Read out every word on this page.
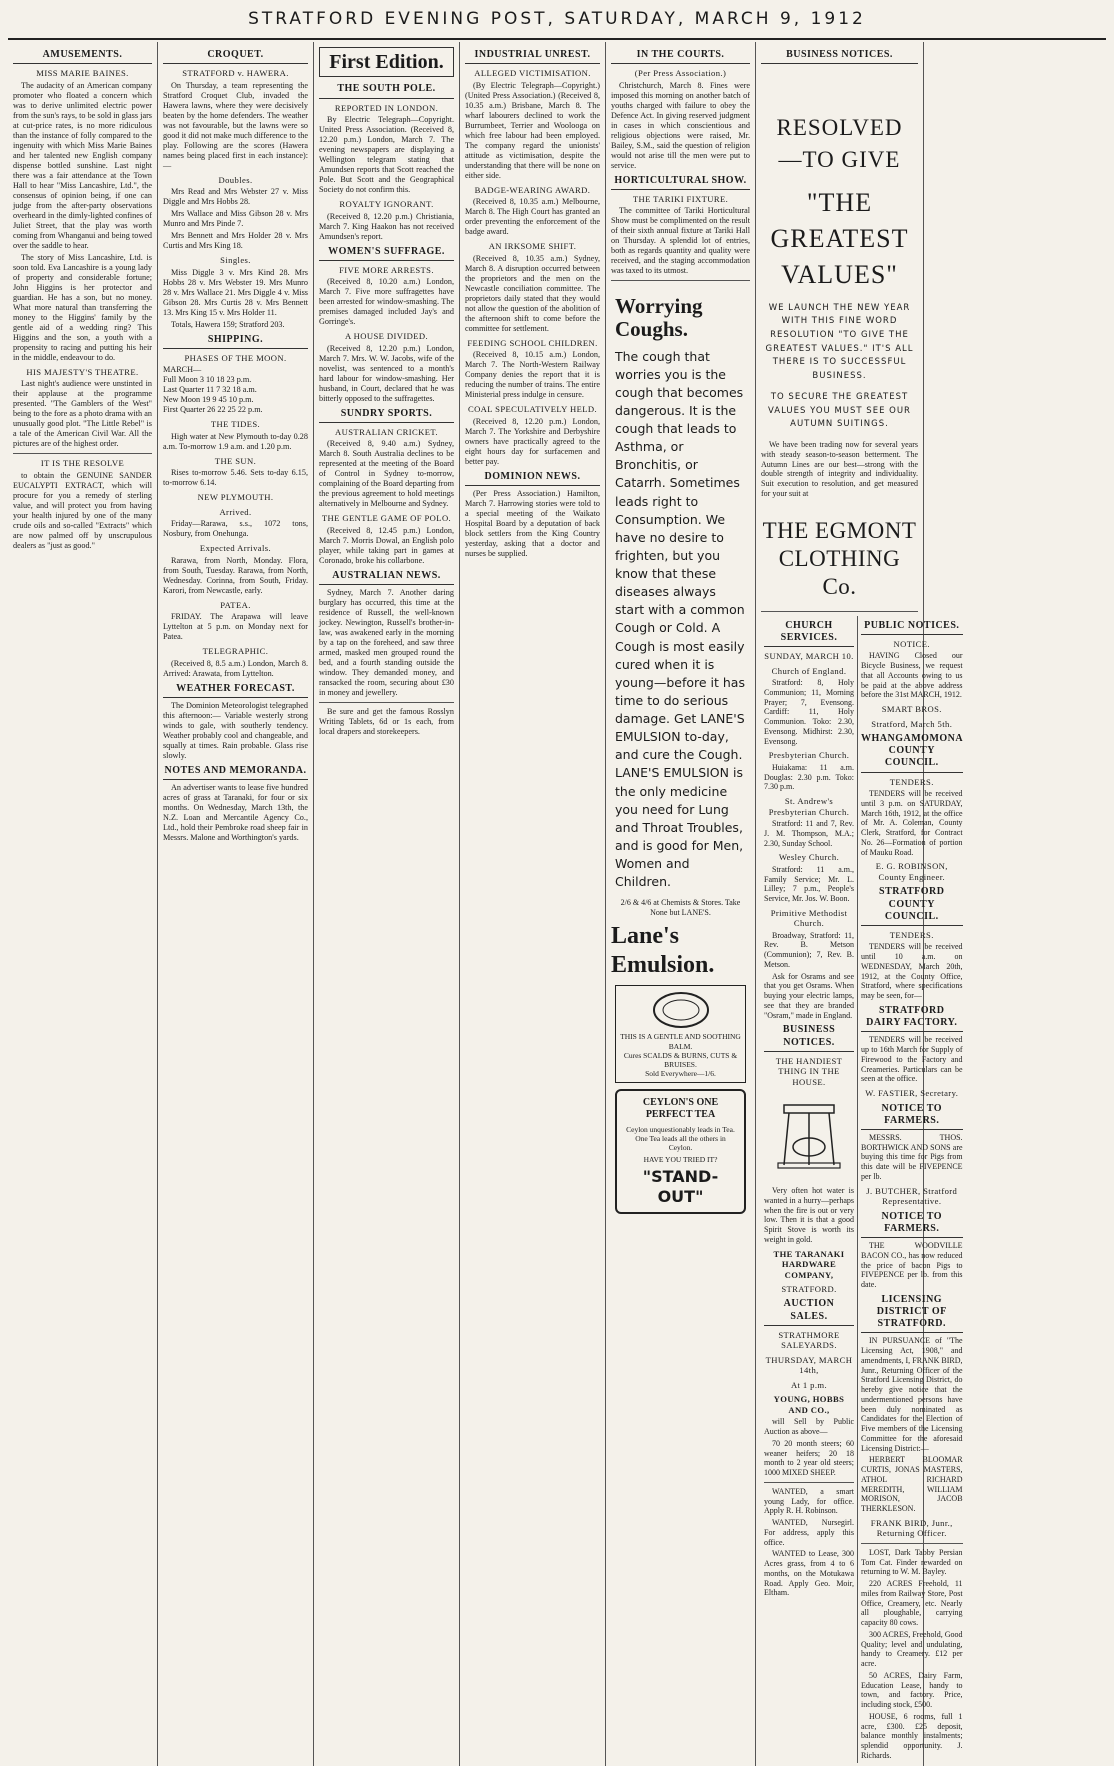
STRATFORD EVENING POST, SATURDAY, MARCH 9, 1912
AMUSEMENTS.
MISS MARIE BAINES.

The audacity of an American company promoter who floated a concern which was to derive unlimited electric power from the sun's rays, to be sold in glass jars at cut-price rates, is no more ridiculous than the instance of folly compared to the ingenuity with which Miss Marie Baines and her talented new English company dispense bottled sunshine. Last night there was a fair attendance at the Town Hall to hear "Miss Lancashire, Ltd.", the consensus of opinion being, if one can judge from the after-party observations overheard in the dimly-lighted confines of Juliet Street, that the play was worth coming from Whanganui and being towed over the saddle to hear.

The story of Miss Lancashire, Ltd. is soon told. Eva Lancashire is a young lady of property and considerable fortune; John Higgins is her protector and guardian. He has a son, but no money. What more natural than transferring the money to the Higgins' family by the gentle aid of a wedding ring? This Higgins and the son, a youth with a propensity to racing and putting his heir in the middle, endeavour to do.

HIS MAJESTY'S THEATRE.

Last night's audience were unstinted in their applause at the programme presented. "The Gamblers of the West" being to the fore as a photo drama with an unusually good plot. "The Little Rebel" is a tale of the American Civil War. All the pictures are of the highest order.

IT IS THE RESOLVE

to obtain the GENUINE SANDER EUCALYPTI EXTRACT, which will procure for you a remedy of sterling value, and will protect you from having your health injured by one of the many crude oils and so-called "Extracts" which are now palmed off by unscrupulous dealers as "just as good."

CROQUET.
STRATFORD v. HAWERA.

On Thursday, a team representing the Stratford Croquet Club, invaded the Hawera lawns, where they were decisively beaten by the home defenders. The weather was not favourable, but the lawns were so good it did not make much difference to the play. Following are the scores (Hawera names being placed first in each instance):—

Doubles.

Mrs Read and Mrs Webster 27 v. Miss Diggle and Mrs Hobbs 28.

Mrs Wallace and Miss Gibson 28 v. Mrs Munro and Mrs Pinde 7.

Mrs Bennett and Mrs Holder 28 v. Mrs Curtis and Mrs King 18.

Singles.

Miss Diggle 3 v. Mrs Kind 28. Mrs Hobbs 28 v. Mrs Webster 19. Mrs Munro 28 v. Mrs Wallace 21. Mrs Diggle 4 v. Miss Gibson 28. Mrs Curtis 28 v. Mrs Bennett 13. Mrs King 15 v. Mrs Holder 11.

Totals, Hawera 159; Stratford 203.

SHIPPING.
PHASES OF THE MOON.
MARCH—
Full Moon 3 10 18 23 p.m.
Last Quarter 11 7 32 18 a.m.
New Moon 19 9 45 10 p.m.
First Quarter 26 22 25 22 p.m.
THE TIDES.

High water at New Plymouth to-day 0.28 a.m. To-morrow 1.9 a.m. and 1.20 p.m.

THE SUN.

Rises to-morrow 5.46. Sets to-day 6.15, to-morrow 6.14.

NEW PLYMOUTH.
Arrived.

Friday—Rarawa, s.s., 1072 tons, Nosbury, from Onehunga.

Expected Arrivals.

Rarawa, from North, Monday. Flora, from South, Tuesday. Rarawa, from North, Wednesday. Corinna, from South, Friday. Karori, from Newcastle, early.

PATEA.

FRIDAY. The Arapawa will leave Lyttelton at 5 p.m. on Monday next for Patea.

TELEGRAPHIC.

(Received 8, 8.5 a.m.) London, March 8. Arrived: Arawata, from Lyttelton.

WEATHER FORECAST.

The Dominion Meteorologist telegraphed this afternoon:— Variable westerly strong winds to gale, with southerly tendency. Weather probably cool and changeable, and squally at times. Rain probable. Glass rise slowly.

NOTES AND MEMORANDA.

An advertiser wants to lease five hundred acres of grass at Taranaki, for four or six months. On Wednesday, March 13th, the N.Z. Loan and Mercantile Agency Co., Ltd., hold their Pembroke road sheep fair in Messrs. Malone and Worthington's yards.

First Edition.
THE SOUTH POLE.
REPORTED IN LONDON.

By Electric Telegraph—Copyright. United Press Association. (Received 8, 12.20 p.m.) London, March 7. The evening newspapers are displaying a Wellington telegram stating that Amundsen reports that Scott reached the Pole. But Scott and the Geographical Society do not confirm this.

ROYALTY IGNORANT.

(Received 8, 12.20 p.m.) Christiania, March 7. King Haakon has not received Amundsen's report.

WOMEN'S SUFFRAGE.
FIVE MORE ARRESTS.

(Received 8, 10.20 a.m.) London, March 7. Five more suffragettes have been arrested for window-smashing. The premises damaged included Jay's and Gorringe's.

A HOUSE DIVIDED.

(Received 8, 12.20 p.m.) London, March 7. Mrs. W. W. Jacobs, wife of the novelist, was sentenced to a month's hard labour for window-smashing. Her husband, in Court, declared that he was bitterly opposed to the suffragettes.

SUNDRY SPORTS.
AUSTRALIAN CRICKET.

(Received 8, 9.40 a.m.) Sydney, March 8. South Australia declines to be represented at the meeting of the Board of Control in Sydney to-morrow, complaining of the Board departing from the previous agreement to hold meetings alternatively in Melbourne and Sydney.

THE GENTLE GAME OF POLO.

(Received 8, 12.45 p.m.) London, March 7. Morris Dowal, an English polo player, while taking part in games at Coronado, broke his collarbone.

AUSTRALIAN NEWS.

Sydney, March 7. Another daring burglary has occurred, this time at the residence of Russell, the well-known jockey. Newington, Russell's brother-in-law, was awakened early in the morning by a tap on the foreheed, and saw three armed, masked men grouped round the bed, and a fourth standing outside the window. They demanded money, and ransacked the room, securing about £30 in money and jewellery.

Be sure and get the famous Rosslyn Writing Tablets, 6d or 1s each, from local drapers and storekeepers.

INDUSTRIAL UNREST.
ALLEGED VICTIMISATION.

(By Electric Telegraph—Copyright.) (United Press Association.) (Received 8, 10.35 a.m.) Brisbane, March 8. The wharf labourers declined to work the Burrumbeet, Terrier and Woolooga on which free labour had been employed. The company regard the unionists' attitude as victimisation, despite the understanding that there will be none on either side.

BADGE-WEARING AWARD.

(Received 8, 10.35 a.m.) Melbourne, March 8. The High Court has granted an order preventing the enforcement of the badge award.

AN IRKSOME SHIFT.

(Received 8, 10.35 a.m.) Sydney, March 8. A disruption occurred between the proprietors and the men on the Newcastle conciliation committee. The proprietors daily stated that they would not allow the question of the abolition of the afternoon shift to come before the committee for settlement.

FEEDING SCHOOL CHILDREN.

(Received 8, 10.15 a.m.) London, March 7. The North-Western Railway Company denies the report that it is reducing the number of trains. The entire Ministerial press indulge in censure.

COAL SPECULATIVELY HELD.

(Received 8, 12.20 p.m.) London, March 7. The Yorkshire and Derbyshire owners have practically agreed to the eight hours day for surfacemen and better pay.

DOMINION NEWS.

(Per Press Association.) Hamilton, March 7. Harrowing stories were told to a special meeting of the Waikato Hospital Board by a deputation of back block settlers from the King Country yesterday, asking that a doctor and nurses be supplied.

IN THE COURTS.
(Per Press Association.)

Christchurch, March 8. Fines were imposed this morning on another batch of youths charged with failure to obey the Defence Act. In giving reserved judgment in cases in which conscientious and religious objections were raised, Mr. Bailey, S.M., said the question of religion would not arise till the men were put to service.

HORTICULTURAL SHOW.
THE TARIKI FIXTURE.

The committee of Tariki Horticultural Show must be complimented on the result of their sixth annual fixture at Tariki Hall on Thursday. A splendid lot of entries, both as regards quantity and quality were received, and the staging accommodation was taxed to its utmost.

Worrying Coughs.
The cough that worries you is the cough that becomes dangerous. It is the cough that leads to Asthma, or Bronchitis, or Catarrh. Sometimes leads right to Consumption. We have no desire to frighten, but you know that these diseases always start with a common Cough or Cold. A Cough is most easily cured when it is young—before it has time to do serious damage. Get LANE'S EMULSION to-day, and cure the Cough. LANE'S EMULSION is the only medicine you need for Lung and Throat Troubles, and is good for Men, Women and Children.
2/6 & 4/6 at Chemists & Stores. Take None but LANE'S.
Lane's Emulsion.
THIS IS A GENTLE AND SOOTHING BALM.
Cures SCALDS & BURNS, CUTS & BRUISES.
Sold Everywhere—1/6.
CEYLON'S ONE PERFECT TEA
Ceylon unquestionably leads in Tea. One Tea leads all the others in Ceylon.
HAVE YOU TRIED IT?
"STAND-OUT"
BUSINESS NOTICES.
RESOLVED—TO GIVE
"THE GREATEST VALUES"
WE LAUNCH THE NEW YEAR WITH THIS FINE WORD RESOLUTION "TO GIVE THE GREATEST VALUES." IT'S ALL THERE IS TO SUCCESSFUL BUSINESS.
TO SECURE THE GREATEST VALUES YOU MUST SEE OUR AUTUMN SUITINGS.

We have been trading now for several years with steady season-to-season betterment. The Autumn Lines are our best—strong with the double strength of integrity and individuality. Suit execution to resolution, and get measured for your suit at

THE EGMONT CLOTHING Co.
CHURCH SERVICES.
SUNDAY, MARCH 10.
Church of England.

Stratford: 8, Holy Communion; 11, Morning Prayer; 7, Evensong. Cardiff: 11, Holy Communion. Toko: 2.30, Evensong. Midhirst: 2.30, Evensong.

Presbyterian Church.

Huiakama: 11 a.m. Douglas: 2.30 p.m. Toko: 7.30 p.m.

St. Andrew's Presbyterian Church.

Stratford: 11 and 7, Rev. J. M. Thompson, M.A.; 2.30, Sunday School.

Wesley Church.

Stratford: 11 a.m., Family Service; Mr. L. Lilley; 7 p.m., People's Service, Mr. Jos. W. Boon.

Primitive Methodist Church.

Broadway, Stratford: 11, Rev. B. Metson (Communion); 7, Rev. B. Metson.

Ask for Osrams and see that you get Osrams. When buying your electric lamps, see that they are branded "Osram," made in England.

BUSINESS NOTICES.
THE HANDIEST THING IN THE HOUSE.

Very often hot water is wanted in a hurry—perhaps when the fire is out or very low. Then it is that a good Spirit Stove is worth its weight in gold.

THE TARANAKI HARDWARE COMPANY,
STRATFORD.
AUCTION SALES.
STRATHMORE SALEYARDS.
THURSDAY, MARCH 14th,
At 1 p.m.
YOUNG, HOBBS AND CO.,

will Sell by Public Auction as above—

70 20 month steers; 60 weaner heifers; 20 18 month to 2 year old steers; 1000 MIXED SHEEP.

WANTED, a smart young Lady, for office. Apply R. H. Robinson.

WANTED, Nursegirl. For address, apply this office.

WANTED to Lease, 300 Acres grass, from 4 to 6 months, on the Motukawa Road. Apply Geo. Moir, Eltham.

PUBLIC NOTICES.
NOTICE.

HAVING Closed our Bicycle Business, we request that all Accounts owing to us be paid at the above address before the 31st MARCH, 1912.

SMART BROS.
Stratford, March 5th.
WHANGAMOMONA COUNTY COUNCIL.
TENDERS.

TENDERS will be received until 3 p.m. on SATURDAY, March 16th, 1912, at the office of Mr. A. Coleman, County Clerk, Stratford, for Contract No. 26—Formation of portion of Mauku Road.

E. G. ROBINSON, County Engineer.
STRATFORD COUNTY COUNCIL.
TENDERS.

TENDERS will be received until 10 a.m. on WEDNESDAY, March 20th, 1912, at the County Office, Stratford, where specifications may be seen, for—

STRATFORD DAIRY FACTORY.

TENDERS will be received up to 16th March for Supply of Firewood to the Factory and Creameries. Particulars can be seen at the office.

W. FASTIER, Secretary.
NOTICE TO FARMERS.

MESSRS. THOS. BORTHWICK AND SONS are buying this time for Pigs from this date will be FIVEPENCE per lb.

J. BUTCHER, Stratford Representative.
NOTICE TO FARMERS.

THE WOODVILLE BACON CO., has now reduced the price of bacon Pigs to FIVEPENCE per lb. from this date.

LICENSING DISTRICT OF STRATFORD.

IN PURSUANCE of "The Licensing Act, 1908," and amendments, I, FRANK BIRD, Junr., Returning Officer of the Stratford Licensing District, do hereby give notice that the undermentioned persons have been duly nominated as Candidates for the Election of Five members of the Licensing Committee for the aforesaid Licensing District:—

HERBERT BLOOMAR CURTIS, JONAS MASTERS, ATHOL RICHARD MEREDITH, WILLIAM MORISON, JACOB THERKLESON.

FRANK BIRD, Junr., Returning Officer.

LOST, Dark Tabby Persian Tom Cat. Finder rewarded on returning to W. M. Bayley.

220 ACRES Freehold, 11 miles from Railway Store, Post Office, Creamery, etc. Nearly all ploughable, carrying capacity 80 cows.

300 ACRES, Freehold, Good Quality; level and undulating, handy to Creamery. £12 per acre.

50 ACRES, Dairy Farm, Education Lease, handy to town, and factory. Price, including stock, £500.

HOUSE, 6 rooms, full 1 acre, £300. £25 deposit, balance monthly instalments; splendid opportunity. J. Richards.
